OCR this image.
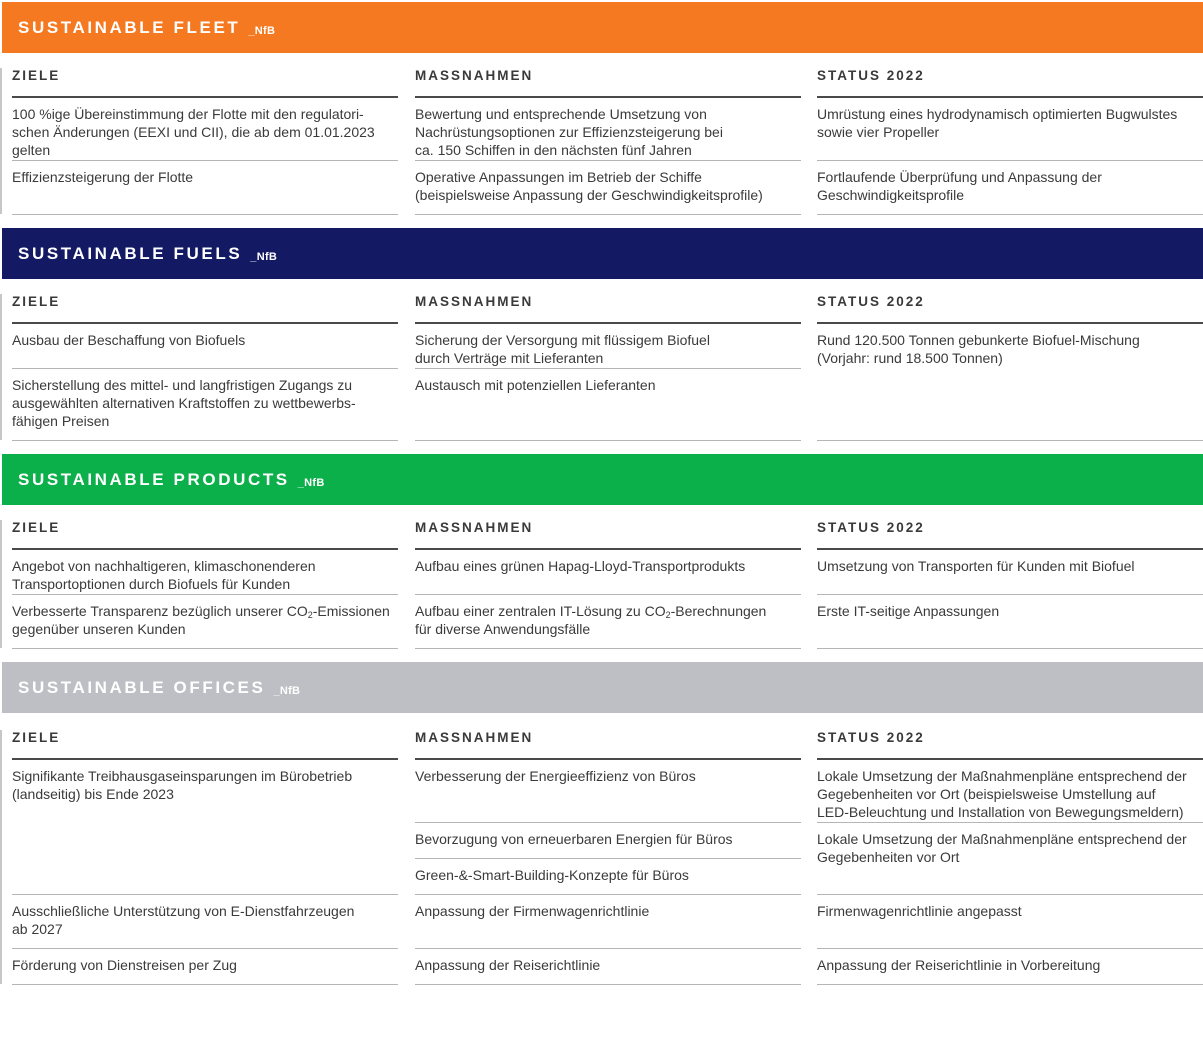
SUSTAINABLE FLEET _NfB
ZIELE
100 %ige Übereinstimmung der Flotte mit den regulatori-
schen Änderungen (EEXI und CII), die ab dem 01.01.2023
gelten
Effizienzsteigerung der Flotte
MASSNAHMEN
Bewertung und entsprechende Umsetzung von
Nachrüstungsoptionen zur Effizienzsteigerung bei
ca. 150 Schiffen in den nächsten fünf Jahren
Operative Anpassungen im Betrieb der Schiffe
(beispielsweise Anpassung der Geschwindigkeitsprofile)
STATUS 2022
Umrüstung eines hydrodynamisch optimierten Bugwulstes
sowie vier Propeller
Fortlaufende Überprüfung und Anpassung der
Geschwindigkeitsprofile
SUSTAINABLE FUELS _NfB
ZIELE
Ausbau der Beschaffung von Biofuels
Sicherstellung des mittel- und langfristigen Zugangs zu
ausgewählten alternativen Kraftstoffen zu wettbewerbs-
fähigen Preisen
MASSNAHMEN
Sicherung der Versorgung mit flüssigem Biofuel
durch Verträge mit Lieferanten
Austausch mit potenziellen Lieferanten
STATUS 2022
Rund 120.500 Tonnen gebunkerte Biofuel-Mischung
(Vorjahr: rund 18.500 Tonnen)
SUSTAINABLE PRODUCTS _NfB
ZIELE
Angebot von nachhaltigeren, klimaschonenderen
Transportoptionen durch Biofuels für Kunden
Verbesserte Transparenz bezüglich unserer $CO_2$-Emissionen
gegenüber unseren Kunden
MASSNAHMEN
Aufbau eines grünen Hapag-Lloyd-Transportprodukts
Aufbau einer zentralen IT-Lösung zu $CO_2$-Berechnungen
für diverse Anwendungsfälle
STATUS 2022
Umsetzung von Transporten für Kunden mit Biofuel
Erste IT-seitige Anpassungen
SUSTAINABLE OFFICES _NfB
ZIELE
Signifikante Treibhausgaseinsparungen im Bürobetrieb
(landseitig) bis Ende 2023
Ausschließliche Unterstützung von E-Dienstfahrzeugen
ab 2027
Förderung von Dienstreisen per Zug
MASSNAHMEN
Verbesserung der Energieeffizienz von Büros
Bevorzugung von erneuerbaren Energien für Büros
Green-&-Smart-Building-Konzepte für Büros
Anpassung der Firmenwagenrichtlinie
Anpassung der Reiserichtlinie
STATUS 2022
Lokale Umsetzung der Maßnahmenpläne entsprechend der
Gegebenheiten vor Ort (beispielsweise Umstellung auf
LED-Beleuchtung und Installation von Bewegungsmeldern)
Lokale Umsetzung der Maßnahmenpläne entsprechend der
Gegebenheiten vor Ort
Firmenwagenrichtlinie angepasst
Anpassung der Reiserichtlinie in Vorbereitung
